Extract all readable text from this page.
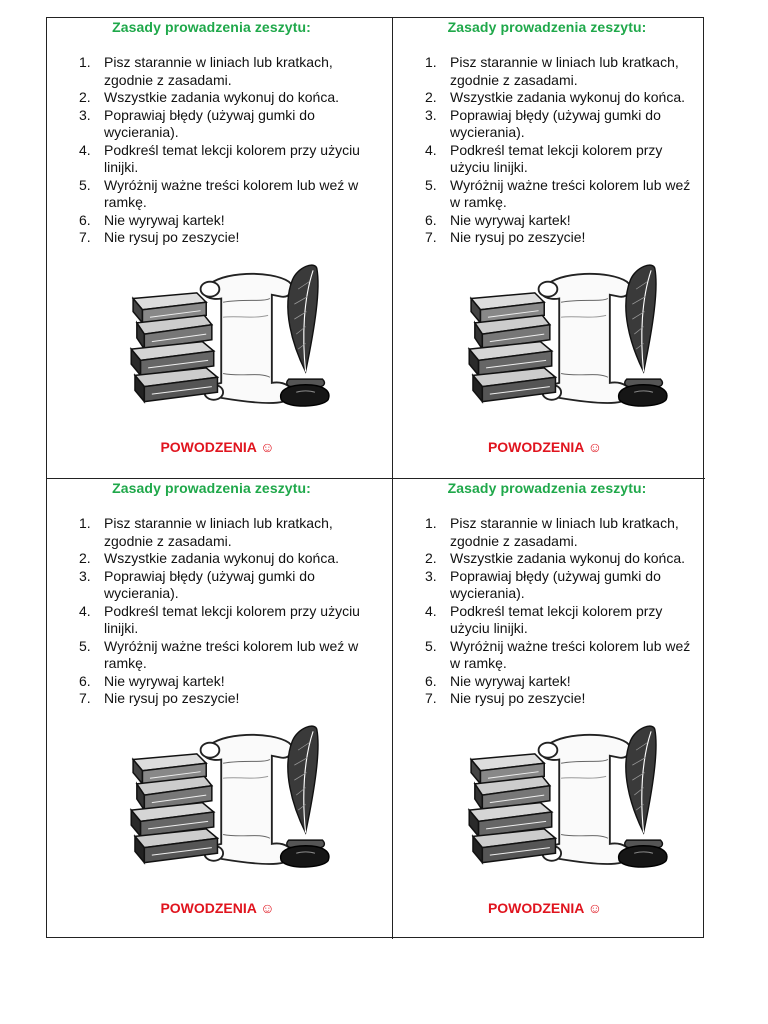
Zasady prowadzenia zeszytu:
1. Pisz starannie w liniach lub kratkach, zgodnie z zasadami.
2. Wszystkie zadania wykonuj do końca.
3. Poprawiaj błędy (używaj gumki do wycierania).
4. Podkreśl temat lekcji kolorem przy użyciu linijki.
5. Wyróżnij ważne treści kolorem lub weź w ramkę.
6. Nie wyrywaj kartek!
7. Nie rysuj po zeszycie!
POWODZENIA ☺
Zasady prowadzenia zeszytu:
1. Pisz starannie w liniach lub kratkach, zgodnie z zasadami.
2. Wszystkie zadania wykonuj do końca.
3. Poprawiaj błędy (używaj gumki do wycierania).
4. Podkreśl temat lekcji kolorem przy użyciu linijki.
5. Wyróżnij ważne treści kolorem lub weź w ramkę.
6. Nie wyrywaj kartek!
7. Nie rysuj po zeszycie!
POWODZENIA ☺
Zasady prowadzenia zeszytu:
1. Pisz starannie w liniach lub kratkach, zgodnie z zasadami.
2. Wszystkie zadania wykonuj do końca.
3. Poprawiaj błędy (używaj gumki do wycierania).
4. Podkreśl temat lekcji kolorem przy użyciu linijki.
5. Wyróżnij ważne treści kolorem lub weź w ramkę.
6. Nie wyrywaj kartek!
7. Nie rysuj po zeszycie!
POWODZENIA ☺
Zasady prowadzenia zeszytu:
1. Pisz starannie w liniach lub kratkach, zgodnie z zasadami.
2. Wszystkie zadania wykonuj do końca.
3. Poprawiaj błędy (używaj gumki do wycierania).
4. Podkreśl temat lekcji kolorem przy użyciu linijki.
5. Wyróżnij ważne treści kolorem lub weź w ramkę.
6. Nie wyrywaj kartek!
7. Nie rysuj po zeszycie!
POWODZENIA ☺
